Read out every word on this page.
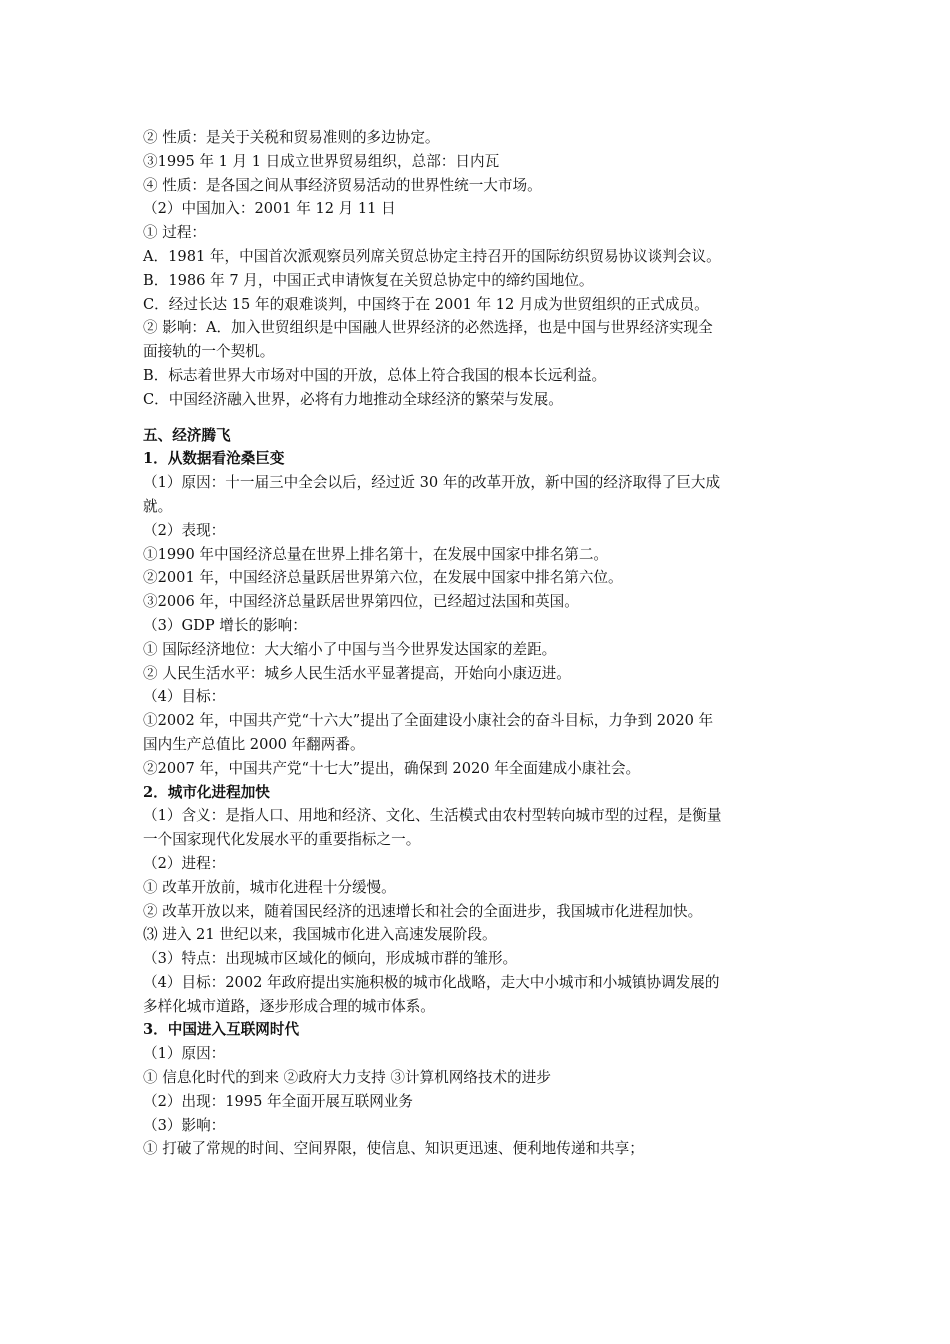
② 性质：是关于关税和贸易准则的多边协定。
③1995 年 1 月 1 日成立世界贸易组织，总部：日内瓦
④ 性质：是各国之间从事经济贸易活动的世界性统一大市场。
（2）中国加入：2001 年 12 月 11 日
① 过程：
A．1981 年，中国首次派观察员列席关贸总协定主持召开的国际纺织贸易协议谈判会议。
B．1986 年 7 月，中国正式申请恢复在关贸总协定中的缔约国地位。
C．经过长达 15 年的艰难谈判，中国终于在 2001 年 12 月成为世贸组织的正式成员。
② 影响：A．加入世贸组织是中国融人世界经济的必然选择，也是中国与世界经济实现全
面接轨的一个契机。
B．标志着世界大市场对中国的开放，总体上符合我国的根本长远利益。
C．中国经济融入世界，必将有力地推动全球经济的繁荣与发展。
五、经济腾飞
1．从数据看沧桑巨变
（1）原因：十一届三中全会以后，经过近 30 年的改革开放，新中国的经济取得了巨大成
就。
（2）表现：
①1990 年中国经济总量在世界上排名第十，在发展中国家中排名第二。
②2001 年，中国经济总量跃居世界第六位，在发展中国家中排名第六位。
③2006 年，中国经济总量跃居世界第四位，已经超过法国和英国。
（3）GDP 增长的影响：
① 国际经济地位：大大缩小了中国与当今世界发达国家的差距。
② 人民生活水平：城乡人民生活水平显著提高，开始向小康迈进。
（4）目标：
①2002 年，中国共产党“十六大”提出了全面建设小康社会的奋斗目标，力争到 2020 年
国内生产总值比 2000 年翻两番。
②2007 年，中国共产党“十七大”提出，确保到 2020 年全面建成小康社会。
2．城市化进程加快
（1）含义：是指人口、用地和经济、文化、生活模式由农村型转向城市型的过程，是衡量
一个国家现代化发展水平的重要指标之一。
（2）进程：
① 改革开放前，城市化进程十分缓慢。
② 改革开放以来，随着国民经济的迅速增长和社会的全面进步，我国城市化进程加快。
⑶ 进入 21 世纪以来，我国城市化进入高速发展阶段。
（3）特点：出现城市区域化的倾向，形成城市群的雏形。
（4）目标：2002 年政府提出实施积极的城市化战略，走大中小城市和小城镇协调发展的
多样化城市道路，逐步形成合理的城市体系。
3．中国进入互联网时代
（1）原因：
① 信息化时代的到来 ②政府大力支持 ③计算机网络技术的进步
（2）出现：1995 年全面开展互联网业务
（3）影响：
① 打破了常规的时间、空间界限，使信息、知识更迅速、便利地传递和共享；
